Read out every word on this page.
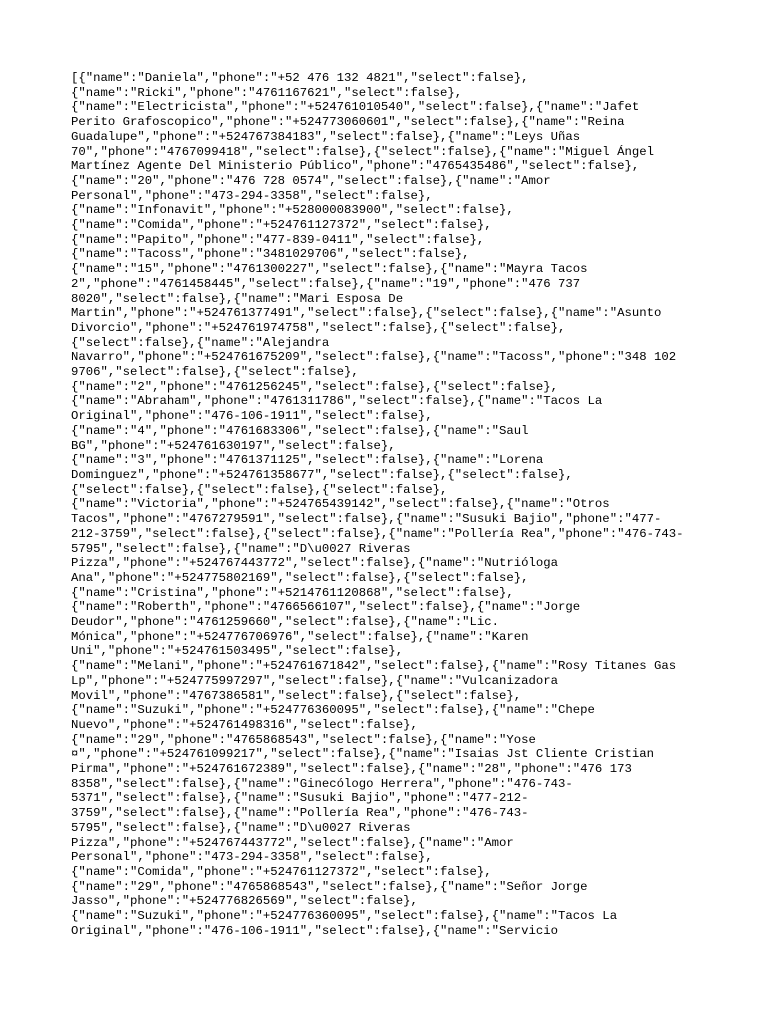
[{"name":"Daniela","phone":"+52 476 132 4821","select":false},
{"name":"Ricki","phone":"4761167621","select":false},
{"name":"Electricista","phone":"+524761010540","select":false},{"name":"Jafet
Perito Grafoscopico","phone":"+524773060601","select":false},{"name":"Reina
Guadalupe","phone":"+524767384183","select":false},{"name":"Leys Uñas
70","phone":"4767099418","select":false},{"select":false},{"name":"Miguel Ángel
Martínez Agente Del Ministerio Público","phone":"4765435486","select":false},
{"name":"20","phone":"476 728 0574","select":false},{"name":"Amor
Personal","phone":"473-294-3358","select":false},
{"name":"Infonavit","phone":"+528000083900","select":false},
{"name":"Comida","phone":"+524761127372","select":false},
{"name":"Papito","phone":"477-839-0411","select":false},
{"name":"Tacoss","phone":"3481029706","select":false},
{"name":"15","phone":"4761300227","select":false},{"name":"Mayra Tacos
2","phone":"4761458445","select":false},{"name":"19","phone":"476 737
8020","select":false},{"name":"Mari Esposa De
Martin","phone":"+524761377491","select":false},{"select":false},{"name":"Asunto
Divorcio","phone":"+524761974758","select":false},{"select":false},
{"select":false},{"name":"Alejandra
Navarro","phone":"+524761675209","select":false},{"name":"Tacoss","phone":"348 102
9706","select":false},{"select":false},
{"name":"2","phone":"4761256245","select":false},{"select":false},
{"name":"Abraham","phone":"4761311786","select":false},{"name":"Tacos La
Original","phone":"476-106-1911","select":false},
{"name":"4","phone":"4761683306","select":false},{"name":"Saul
BG","phone":"+524761630197","select":false},
{"name":"3","phone":"4761371125","select":false},{"name":"Lorena
Dominguez","phone":"+524761358677","select":false},{"select":false},
{"select":false},{"select":false},{"select":false},
{"name":"Victoria","phone":"+524765439142","select":false},{"name":"Otros
Tacos","phone":"4767279591","select":false},{"name":"Susuki Bajio","phone":"477-
212-3759","select":false},{"select":false},{"name":"Pollería Rea","phone":"476-743-
5795","select":false},{"name":"D\u0027 Riveras
Pizza","phone":"+524767443772","select":false},{"name":"Nutrióloga
Ana","phone":"+524775802169","select":false},{"select":false},
{"name":"Cristina","phone":"+5214761120868","select":false},
{"name":"Roberth","phone":"4766566107","select":false},{"name":"Jorge
Deudor","phone":"4761259660","select":false},{"name":"Lic.
Mónica","phone":"+524776706976","select":false},{"name":"Karen
Uni","phone":"+524761503495","select":false},
{"name":"Melani","phone":"+524761671842","select":false},{"name":"Rosy Titanes Gas
Lp","phone":"+524775997297","select":false},{"name":"Vulcanizadora
Movil","phone":"4767386581","select":false},{"select":false},
{"name":"Suzuki","phone":"+524776360095","select":false},{"name":"Chepe
Nuevo","phone":"+524761498316","select":false},
{"name":"29","phone":"4765868543","select":false},{"name":"Yose
¤","phone":"+524761099217","select":false},{"name":"Isaias Jst Cliente Cristian
Pirma","phone":"+524761672389","select":false},{"name":"28","phone":"476 173
8358","select":false},{"name":"Ginecólogo Herrera","phone":"476-743-
5371","select":false},{"name":"Susuki Bajio","phone":"477-212-
3759","select":false},{"name":"Pollería Rea","phone":"476-743-
5795","select":false},{"name":"D\u0027 Riveras
Pizza","phone":"+524767443772","select":false},{"name":"Amor
Personal","phone":"473-294-3358","select":false},
{"name":"Comida","phone":"+524761127372","select":false},
{"name":"29","phone":"4765868543","select":false},{"name":"Señor Jorge
Jasso","phone":"+524776826569","select":false},
{"name":"Suzuki","phone":"+524776360095","select":false},{"name":"Tacos La
Original","phone":"476-106-1911","select":false},{"name":"Servicio
